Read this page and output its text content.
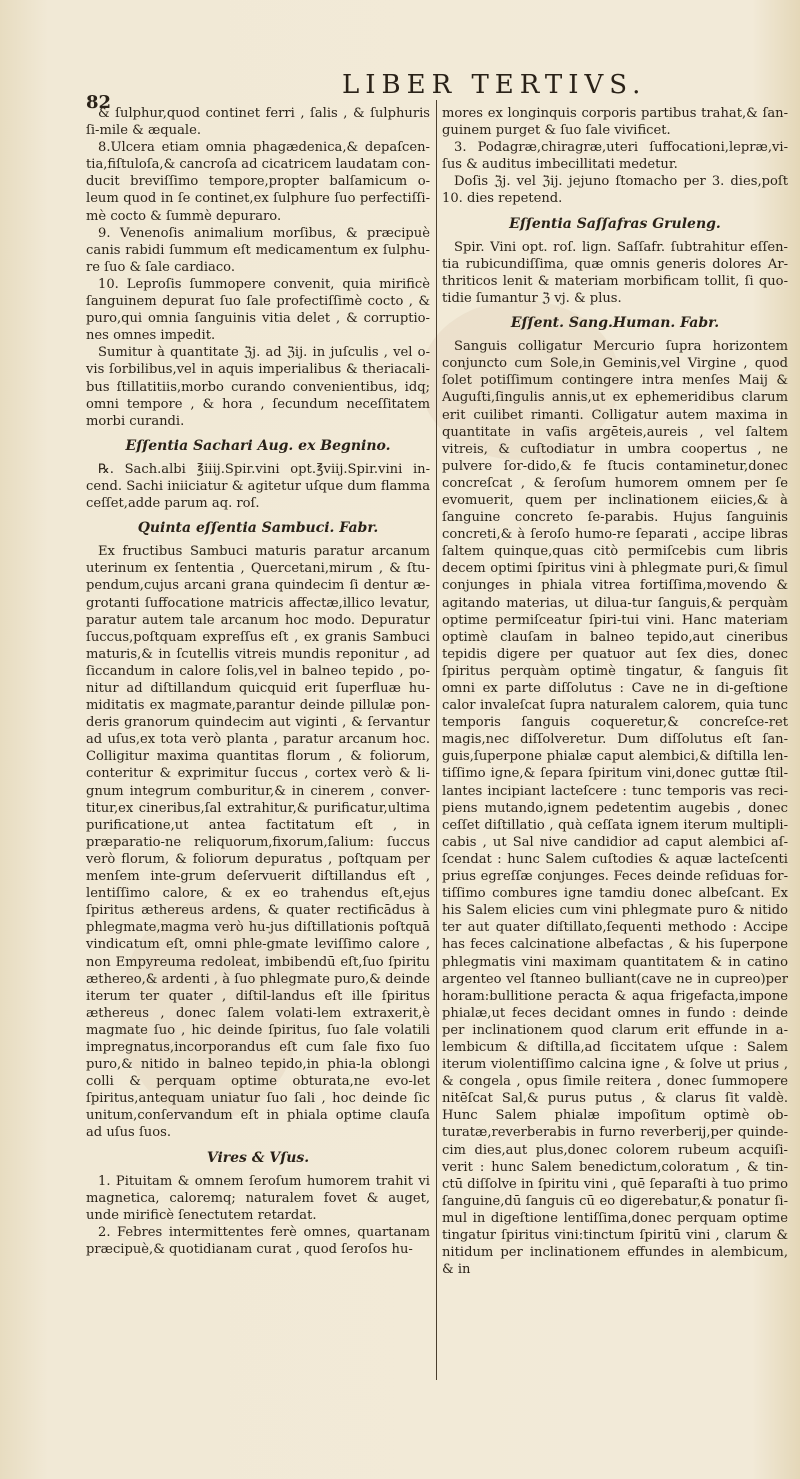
82
LIBER TERTIVS.

& ſulphur,quod continet ferri , ſalis , & ſulphuris ſi-mile & æquale.

8.Ulcera etiam omnia phagædenica,& depaſcen-tia,fiſtuloſa,& cancroſa ad cicatricem laudatam con-ducit breviſſimo tempore,propter balſamicum o-leum quod in ſe continet,ex ſulphure ſuo perfectiſſi-mè cocto & ſummè depuraro.

9. Venenoſis animalium morſibus, & præcipuè canis rabidi ſummum eſt medicamentum ex ſulphu-re ſuo & ſale cardiaco.

10. Leproſis ſummopere convenit, quia mirificè ſanguinem depurat ſuo ſale profectiſſimè cocto , & puro,qui omnia ſanguinis vitia delet , & corruptio-nes omnes impedit.

Sumitur à quantitate ℨj. ad ℨij. in juſculis , vel o-vis ſorbilibus,vel in aquis imperialibus & theriacali-bus ſtillatitiis,morbo curando convenientibus, idq; omni tempore , & hora , ſecundum neceſſitatem morbi curandi.

Eſſentia Sachari Aug. ex Begnino.

℞. Sach.albi ℥iiij.Spir.vini opt.℥viij.Spir.vini in-cend. Sachi iniiciatur & agitetur uſque dum flamma ceſſet,adde parum aq. roſ.

Quinta eſſentia Sambuci. Fabr.

Ex fructibus Sambuci maturis paratur arcanum uterinum ex ſententia , Quercetani,mirum , & ſtu-pendum,cujus arcani grana quindecim ſi dentur æ-grotanti ſuffocatione matricis affectæ,illico levatur, paratur autem tale arcanum hoc modo. Depuratur ſuccus,poſtquam expreſſus eſt , ex granis Sambuci maturis,& in ſcutellis vitreis mundis reponitur , ad ſiccandum in calore ſolis,vel in balneo tepido , po-nitur ad diſtillandum quicquid erit ſuperfluæ hu-miditatis ex magmate,parantur deinde pillulæ pon-deris granorum quindecim aut viginti , & ſervantur ad uſus,ex tota verò planta , paratur arcanum hoc. Colligitur maxima quantitas florum , & foliorum, conteritur & exprimitur ſuccus , cortex verò & li-gnum integrum comburitur,& in cinerem , conver-titur,ex cineribus,ſal extrahitur,& purificatur,ultima purificatione,ut antea factitatum eſt , in præparatio-ne reliquorum,fixorum,ſalium: ſuccus verò florum, & foliorum depuratus , poſtquam per menſem inte-grum deſervuerit diſtillandus eſt , lentiſſimo calore, & ex eo trahendus eſt,ejus ſpiritus æthereus ardens, & quater rectificādus à phlegmate,magma verò hu-jus diſtillationis poſtquā vindicatum eſt, omni phle-gmate leviſſimo calore , non Empyreuma redoleat, imbibendū eſt,ſuo ſpiritu æthereo,& ardenti , à ſuo phlegmate puro,& deinde iterum ter quater , diſtil-landus eſt ille ſpiritus æthereus , donec ſalem volati-lem extraxerit,è magmate ſuo , hic deinde ſpiritus, ſuo ſale volatili impregnatus,incorporandus eſt cum ſale fixo ſuo puro,& nitido in balneo tepido,in phia-la oblongi colli & perquam optime obturata,ne evo-let ſpiritus,antequam uniatur ſuo ſali , hoc deinde ſic unitum,conſervandum eſt in phiala optime clauſa ad uſus ſuos.

Vires & Vſus.

1. Pituitam & omnem ſeroſum humorem trahit vi magnetica, caloremq; naturalem fovet & auget, unde mirificè ſenectutem retardat.

2. Febres intermittentes ferè omnes, quartanam præcipuè,& quotidianam curat , quod ſeroſos hu-

mores ex longinquis corporis partibus trahat,& ſan-guinem purget & ſuo ſale vivificet.

3. Podagræ,chiragræ,uteri ſuffocationi,lepræ,vi-ſus & auditus imbecillitati medetur.

Doſis ℨj. vel ℨij. jejuno ſtomacho per 3. dies,poſt 10. dies repetend.

Eſſentia Saſſafras Gruleng.

Spir. Vini opt. roſ. lign. Saſſafr. ſubtrahitur eſſen-tia rubicundiſſima, quæ omnis generis dolores Ar-thriticos lenit & materiam morbificam tollit, ſi quo-tidie ſumantur ℨ vj. & plus.

Eſſent. Sang.Human. Fabr.

Sanguis colligatur Mercurio ſupra horizontem conjuncto cum Sole,in Geminis,vel Virgine , quod ſolet potiſſimum contingere intra menſes Maij & Auguſti,ſingulis annis,ut ex ephemeridibus clarum erit cuilibet rimanti. Colligatur autem maxima in quantitate in vaſis argēteis,aureis , vel ſaltem vitreis, & cuſtodiatur in umbra coopertus , ne pulvere ſor-dido,& fe ſtucis contaminetur,donec concreſcat , & ſeroſum humorem omnem per ſe evomuerit, quem per inclinationem eiicies,& à ſanguine concreto ſe-parabis. Hujus ſanguinis concreti,& à ſeroſo humo-re ſeparati , accipe libras ſaltem quinque,quas citò permiſcebis cum libris decem optimi ſpiritus vini à phlegmate puri,& ſimul conjunges in phiala vitrea fortiſſima,movendo & agitando materias, ut dilua-tur ſanguis,& perquàm optime permiſceatur ſpiri-tui vini. Hanc materiam optimè clauſam in balneo tepido,aut cineribus tepidis digere per quatuor aut ſex dies, donec ſpiritus perquàm optimè tingatur, & ſanguis ſit omni ex parte diſſolutus : Cave ne in di-geſtione calor invaleſcat ſupra naturalem calorem, quia tunc temporis ſanguis coqueretur,& concreſce-ret magis,nec diſſolveretur. Dum diſſolutus eſt ſan-guis,ſuperpone phialæ caput alembici,& diſtilla len-tiſſimo igne,& ſepara ſpiritum vini,donec guttæ ſtil-lantes incipiant lacteſcere : tunc temporis vas reci-piens mutando,ignem pedetentim augebis , donec ceſſet diſtillatio , quà ceſſata ignem iterum multipli-cabis , ut Sal nive candidior ad caput alembici aſ-ſcendat : hunc Salem cuſtodies & aquæ lacteſcenti prius egreſſæ conjunges. Feces deinde reſiduas for-tiſſimo combures igne tamdiu donec albeſcant. Ex his Salem elicies cum vini phlegmate puro & nitido ter aut quater diſtillato,ſequenti methodo : Accipe has feces calcinatione albefactas , & his ſuperpone phlegmatis vini maximam quantitatem & in catino argenteo vel ſtanneo bulliant(cave ne in cupreo)per horam:bullitione peracta & aqua frigefacta,impone phialæ,ut feces decidant omnes in fundo : deinde per inclinationem quod clarum erit effunde in a-lembicum & diſtilla,ad ſiccitatem uſque : Salem iterum violentiſſimo calcina igne , & ſolve ut prius , & congela , opus ſimile reitera , donec ſummopere nitēſcat Sal,& purus putus , & clarus ſit valdè. Hunc Salem phialæ impoſitum optimè ob-turatæ,reverberabis in furno reverberij,per quinde-cim dies,aut plus,donec colorem rubeum acquiſi-verit : hunc Salem benedictum,coloratum , & tin-ctū diſſolve in ſpiritu vini , quē ſeparaſti à tuo primo ſanguine,dū ſanguis cū eo digerebatur,& ponatur ſi-mul in digeſtione lentiſſima,donec perquam optime tingatur ſpiritus vini:tinctum ſpiritū vini , clarum & nitidum per inclinationem effundes in alembicum, & in
